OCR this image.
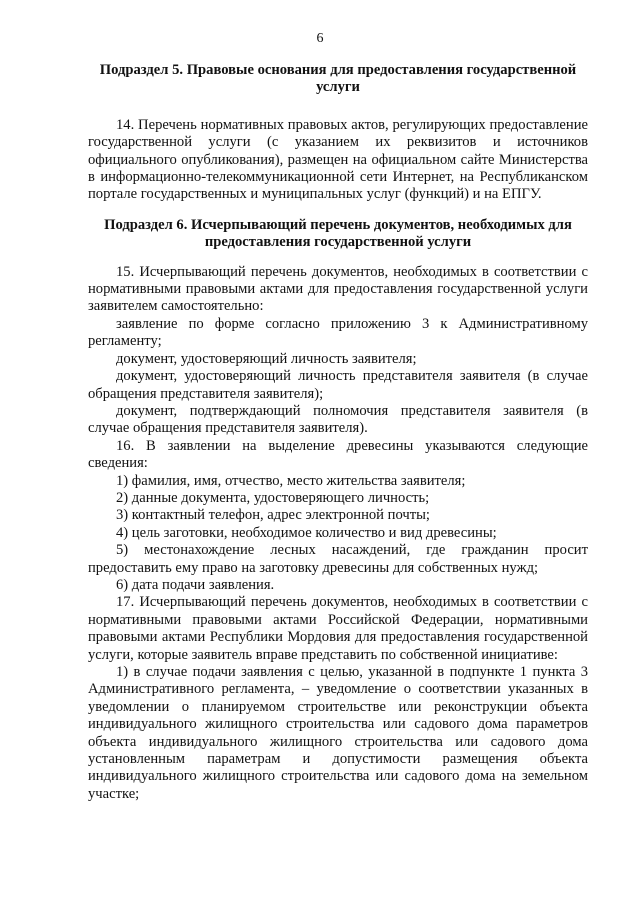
6

Подраздел 5. Правовые основания для предоставления государственной услуги

14. Перечень нормативных правовых актов, регулирующих предоставление государственной услуги (с указанием их реквизитов и источников официального опубликования), размещен на официальном сайте Министерства в информационно-телекоммуникационной сети Интернет, на Республиканском портале государственных и муниципальных услуг (функций) и на ЕПГУ.

Подраздел 6. Исчерпывающий перечень документов, необходимых для предоставления государственной услуги

15. Исчерпывающий перечень документов, необходимых в соответствии с нормативными правовыми актами для предоставления государственной услуги заявителем самостоятельно:

заявление по форме согласно приложению 3 к Административному регламенту;

документ, удостоверяющий личность заявителя;

документ, удостоверяющий личность представителя заявителя (в случае обращения представителя заявителя);

документ, подтверждающий полномочия представителя заявителя (в случае обращения представителя заявителя).

16. В заявлении на выделение древесины указываются следующие сведения:

1) фамилия, имя, отчество, место жительства заявителя;

2) данные документа, удостоверяющего личность;

3) контактный телефон, адрес электронной почты;

4) цель заготовки, необходимое количество и вид древесины;

5) местонахождение лесных насаждений, где гражданин просит предоставить ему право на заготовку древесины для собственных нужд;

6) дата подачи заявления.

17. Исчерпывающий перечень документов, необходимых в соответствии с нормативными правовыми актами Российской Федерации, нормативными правовыми актами Республики Мордовия для предоставления государственной услуги, которые заявитель вправе представить по собственной инициативе:

1) в случае подачи заявления с целью, указанной в подпункте 1 пункта 3 Административного регламента, – уведомление о соответствии указанных в уведомлении о планируемом строительстве или реконструкции объекта индивидуального жилищного строительства или садового дома параметров объекта индивидуального жилищного строительства или садового дома установленным параметрам и допустимости размещения объекта индивидуального жилищного строительства или садового дома на земельном участке;
